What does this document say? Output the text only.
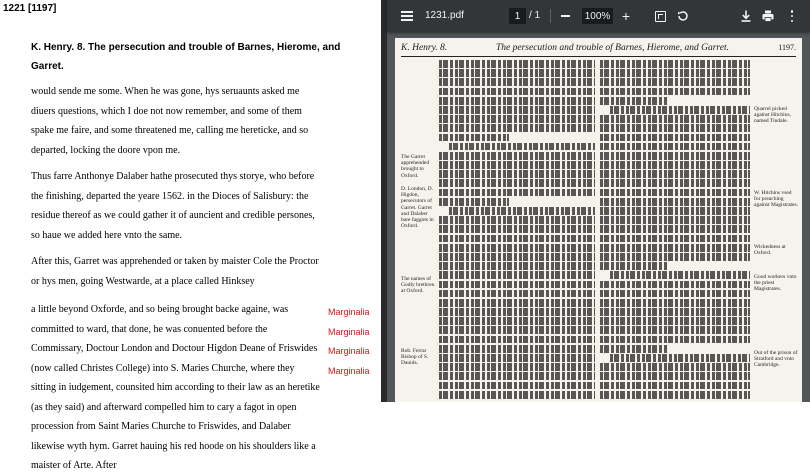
1221 [1197]
K. Henry. 8. The persecution and trouble of Barnes, Hierome, and Garret.
would sende me some. When he was gone, hys seruaunts asked me diuers questions, which I doe not now remember, and some of them spake me faire, and some threatened me, calling me hereticke, and so departed, locking the doore vpon me.
Thus farre Anthonye Dalaber hathe prosecuted thys storye, who before the finishing, departed the yeare 1562. in the Dioces of Salisbury: the residue thereof as we could gather it of auncient and credible persones, so haue we added here vnto the same.
After this, Garret was apprehended or taken by maister Cole the Proctor or hys men, going Westwarde, at a place called Hinksey
a little beyond Oxforde, and so being brought backe againe, was committed to ward, that done, he was conuented before the Commissary, Doctour London and Doctour Higdon Deane of Friswides (now called Christes College) into S. Maries Churche, where they sitting in iudgement, counsited him according to their law as an heretike (as they said) and afterward compelled him to cary a fagot in open procession from Saint Maries Churche to Friswides, and Dalaber likewise wyth hym. Garret hauing his red hoode on his shoulders like a maister of Arte. After
Marginalia
Marginalia
Marginalia
Marginalia
1231.pdf	1 / 1	100% +
K. Henry. 8.	The persecution and trouble of Barnes, Hierome, and Garret.	1197.
The Garret apprehended brought to Oxford.
D. London, D. Higdon, persecutors of Garret. Garret and Dalaber bare faggots in Oxford.
The names of Godly brethren at Oxford.
Rob. Ferrar Bishop of S. Dauids.
Quarrel picked against Hitchins, named Tindale.
W. Hitchins vsed for preaching against Magistrates.
Wickedness at Oxford.
Good workers vnto the priest Magistrates.
Out of the prison of Stratford and vnto Cambridge.
